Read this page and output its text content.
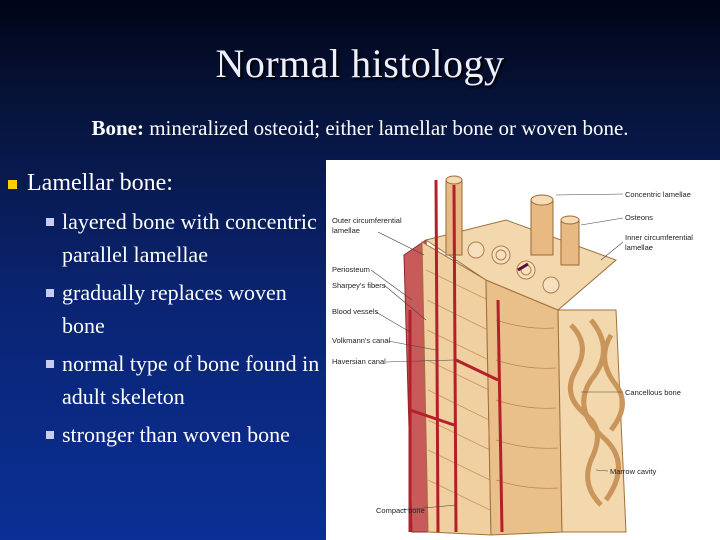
Normal histology
Bone: mineralized osteoid; either lamellar bone or woven bone.
Lamellar bone:
layered bone with concentric parallel lamellae
gradually replaces woven bone
normal type of bone found in adult skeleton
stronger than woven bone
Concentric lamellae
Osteons
Inner circumferential
lamellae
Outer circumferential
lamellae
Periosteum
Sharpey's fibers
Blood vessels
Volkmann's canal
Haversian canal
Cancellous bone
Marrow cavity
Compact bone
